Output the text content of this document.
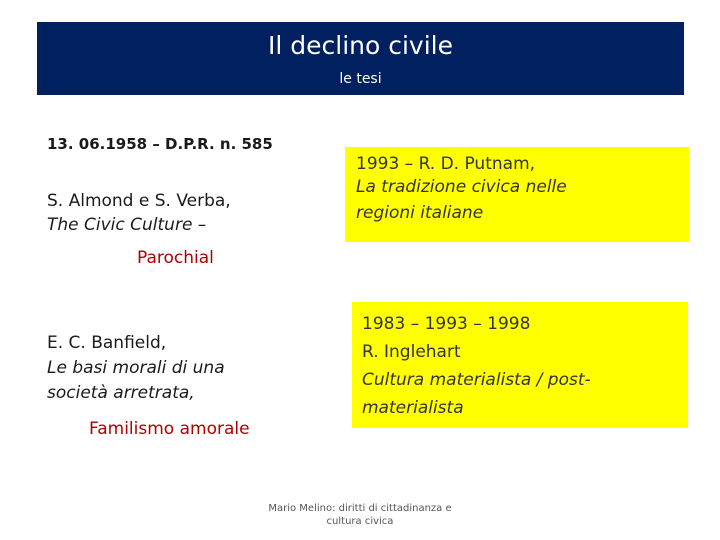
Il declino civile
le tesi
13. 06.1958 – D.P.R. n. 585
S. Almond e S. Verba,
The Civic Culture –
Parochial
E. C. Banfield,
Le basi morali di una
società arretrata,
Familismo amorale
1993 – R. D. Putnam,
La tradizione civica nelle
regioni italiane
1983 – 1993 – 1998
R. Inglehart
Cultura materialista / post-
materialista
Mario Melino: diritti di cittadinanza e
cultura civica
